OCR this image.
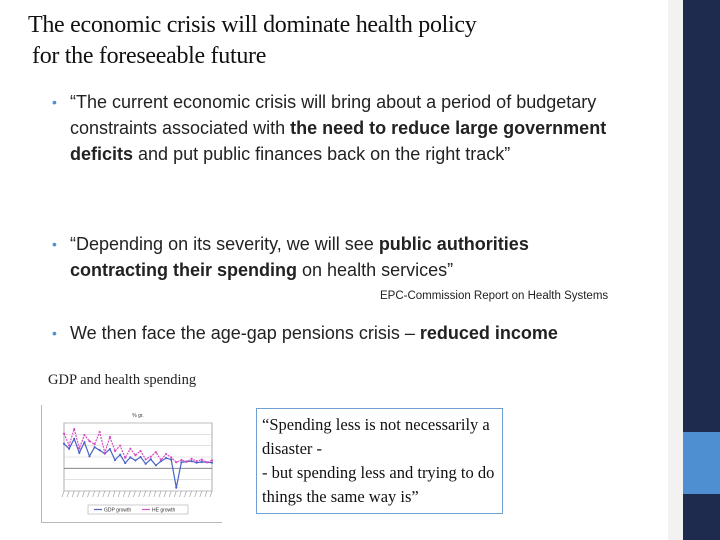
The economic crisis will dominate health policy
for the foreseeable future
• “The current economic crisis will bring about a period of budgetary constraints associated with the need to reduce large government deficits and put public finances back on the right track”
• “Depending on its severity, we will see public authorities contracting their spending on health services”
EPC-Commission Report on Health Systems
• We then face the age-gap pensions crisis – reduced income
GDP and health spending
% gr.
GDP growth	HE growth
“Spending less is not necessarily a
disaster -
- but spending less and trying to do
things the same way is”
